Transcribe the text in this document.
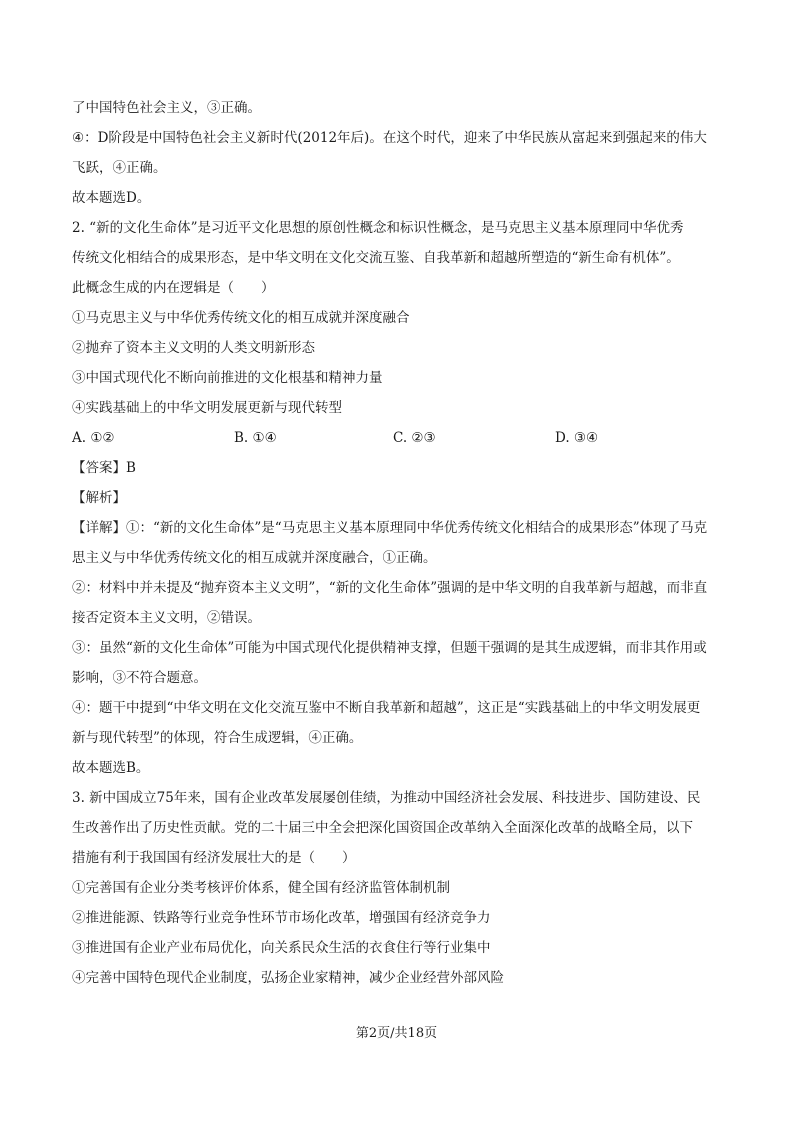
了中国特色社会主义，③正确。
④：D阶段是中国特色社会主义新时代(2012年后)。在这个时代，迎来了中华民族从富起来到强起来的伟大
飞跃，④正确。
故本题选D。
2. “新的文化生命体”是习近平文化思想的原创性概念和标识性概念，是马克思主义基本原理同中华优秀
传统文化相结合的成果形态，是中华文明在文化交流互鉴、自我革新和超越所塑造的“新生命有机体”。
此概念生成的内在逻辑是（　　）
①马克思主义与中华优秀传统文化的相互成就并深度融合
②抛弃了资本主义文明的人类文明新形态
③中国式现代化不断向前推进的文化根基和精神力量
④实践基础上的中华文明发展更新与现代转型
A. ①②	B. ①④	C. ②③	D. ③④
【答案】B
【解析】
【详解】①：“新的文化生命体”是“马克思主义基本原理同中华优秀传统文化相结合的成果形态”体现了马克
思主义与中华优秀传统文化的相互成就并深度融合，①正确。
②：材料中并未提及“抛弃资本主义文明”，“新的文化生命体”强调的是中华文明的自我革新与超越，而非直
接否定资本主义文明，②错误。
③：虽然“新的文化生命体”可能为中国式现代化提供精神支撑，但题干强调的是其生成逻辑，而非其作用或
影响，③不符合题意。
④：题干中提到“中华文明在文化交流互鉴中不断自我革新和超越”，这正是“实践基础上的中华文明发展更
新与现代转型”的体现，符合生成逻辑，④正确。
故本题选B。
3. 新中国成立75年来，国有企业改革发展屡创佳绩，为推动中国经济社会发展、科技进步、国防建设、民
生改善作出了历史性贡献。党的二十届三中全会把深化国资国企改革纳入全面深化改革的战略全局，以下
措施有利于我国国有经济发展壮大的是（　　）
①完善国有企业分类考核评价体系，健全国有经济监管体制机制
②推进能源、铁路等行业竞争性环节市场化改革，增强国有经济竞争力
③推进国有企业产业布局优化，向关系民众生活的衣食住行等行业集中
④完善中国特色现代企业制度，弘扬企业家精神，减少企业经营外部风险
第2页/共18页
